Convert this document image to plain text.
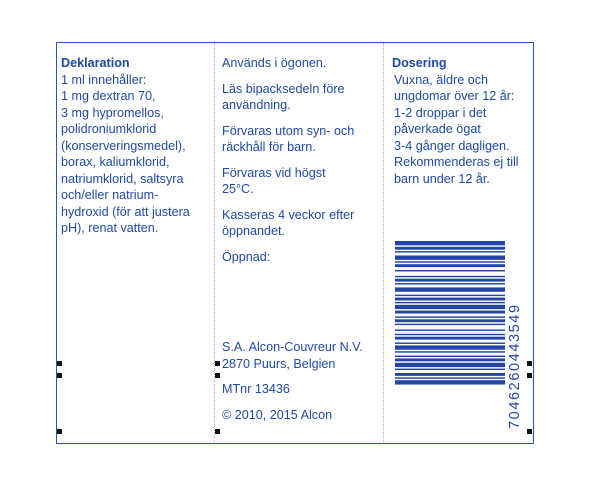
Deklaration

1 ml innehåller:

1 mg dextran 70,

3 mg hypromellos,

polidroniumklorid

(konserveringsmedel),

borax, kaliumklorid,

natriumklorid, saltsyra

och/eller natrium-

hydroxid (för att justera

pH), renat vatten.

Används i ögonen.

Läs bipacksedeln före

användning.

Förvaras utom syn- och

räckhåll för barn.

Förvaras vid högst

25°C.

Kasseras 4 veckor efter

öppnandet.

Öppnad:

S.A. Alcon-Couvreur N.V.

2870 Puurs, Belgien

MTnr 13436

© 2010, 2015 Alcon

Dosering

Vuxna, äldre och

ungdomar över 12 år:

1-2 droppar i det

påverkade ögat

3-4 gånger dagligen.

Rekommenderas ej till

barn under 12 år.

7046260443549
